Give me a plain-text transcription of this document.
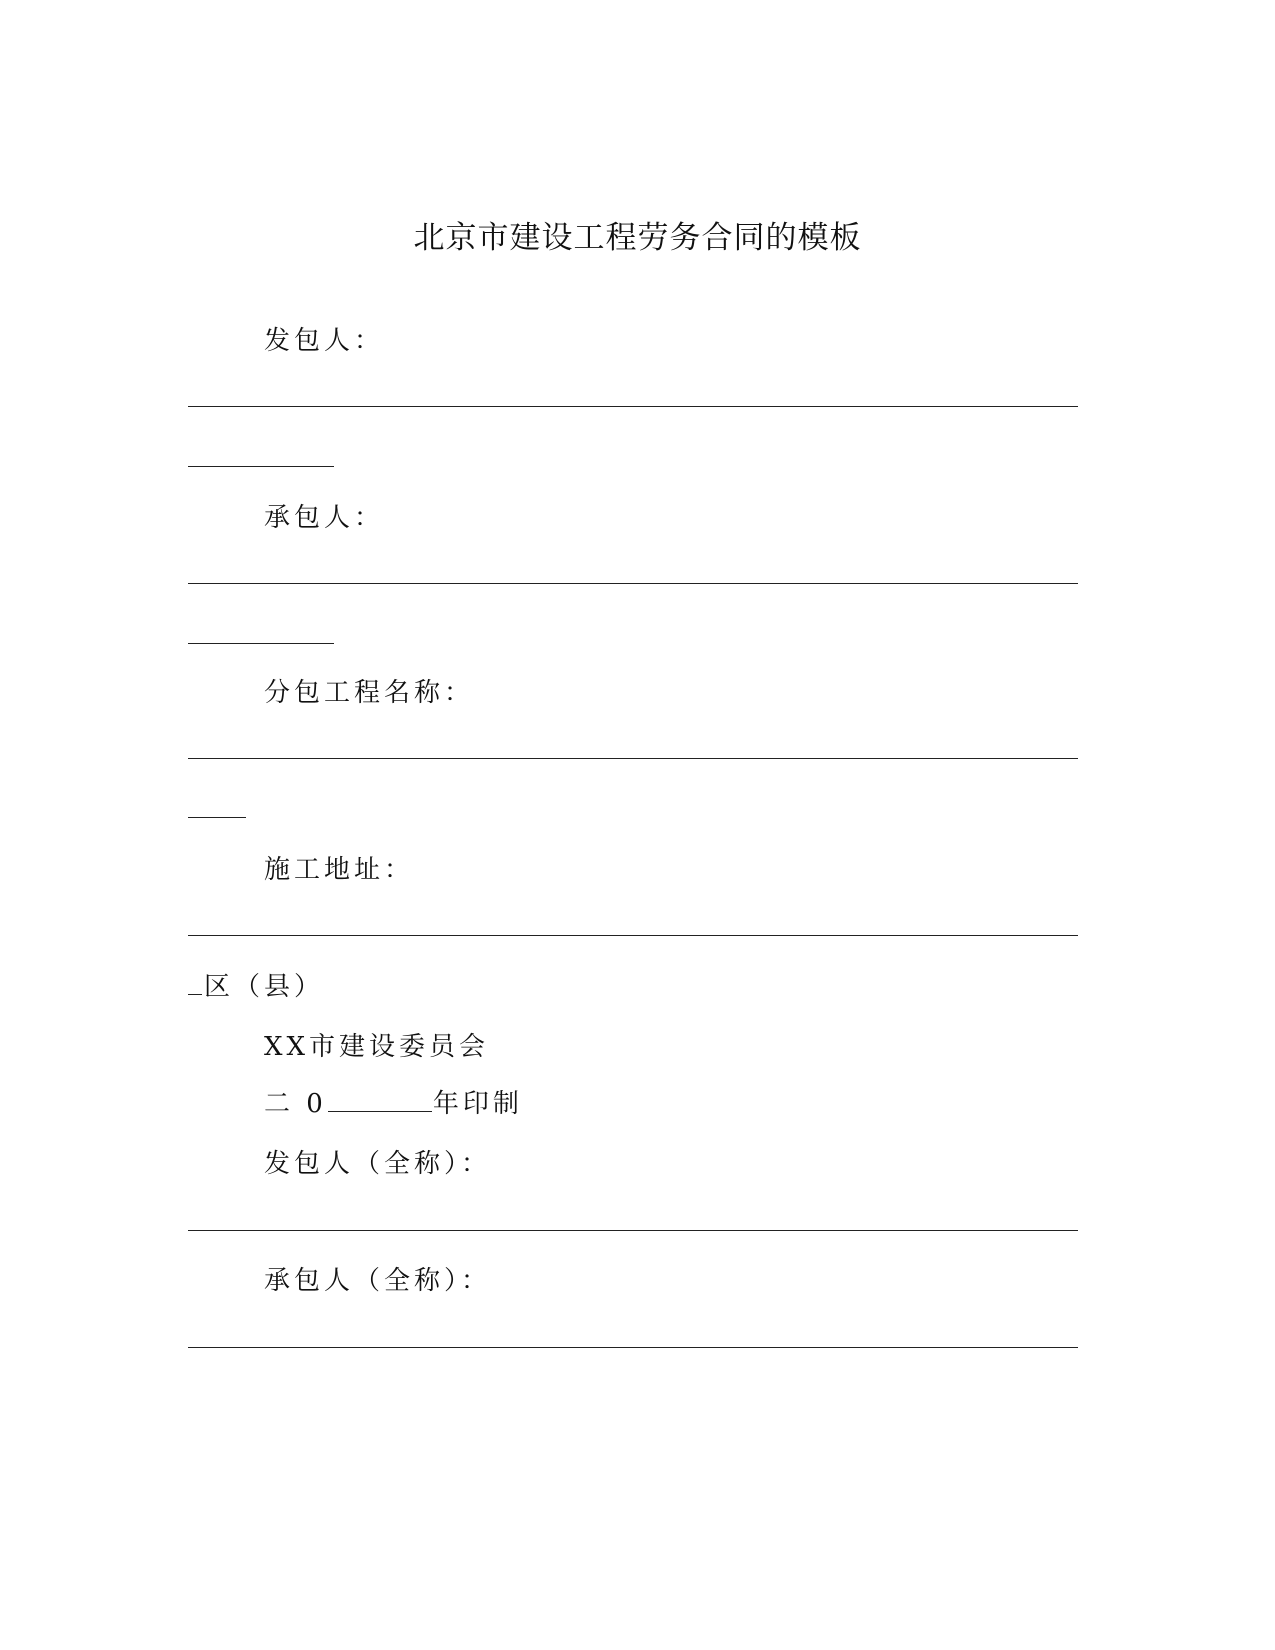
北京市建设工程劳务合同的模板
发包人：
承包人：
分包工程名称：
施工地址：
区（县）
XX市建设委员会
二 0	年印制
发包人（全称）：
承包人（全称）：
